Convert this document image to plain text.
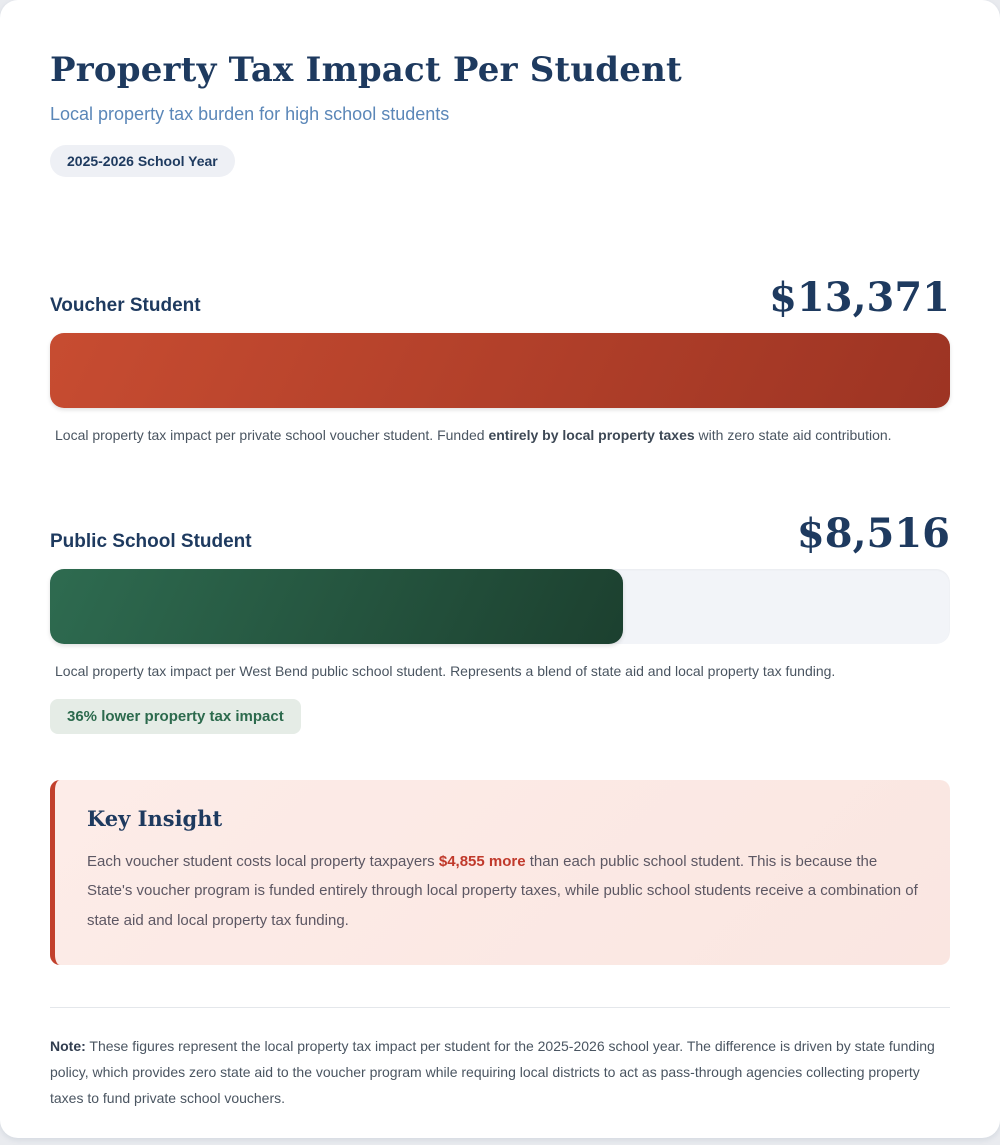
Property Tax Impact Per Student

Local property tax burden for high school students

2025-2026 School Year
Voucher Student	$13,371

Local property tax impact per private school voucher student. Funded entirely by local property taxes with zero state aid contribution.

Public School Student	$8,516

Local property tax impact per West Bend public school student. Represents a blend of state aid and local property tax funding.

36% lower property tax impact
Key Insight

Each voucher student costs local property taxpayers $4,855 more than each public school student. This is because the State's voucher program is funded entirely through local property taxes, while public school students receive a combination of state aid and local property tax funding.

Note: These figures represent the local property tax impact per student for the 2025-2026 school year. The difference is driven by state funding policy, which provides zero state aid to the voucher program while requiring local districts to act as pass-through agencies collecting property taxes to fund private school vouchers.
